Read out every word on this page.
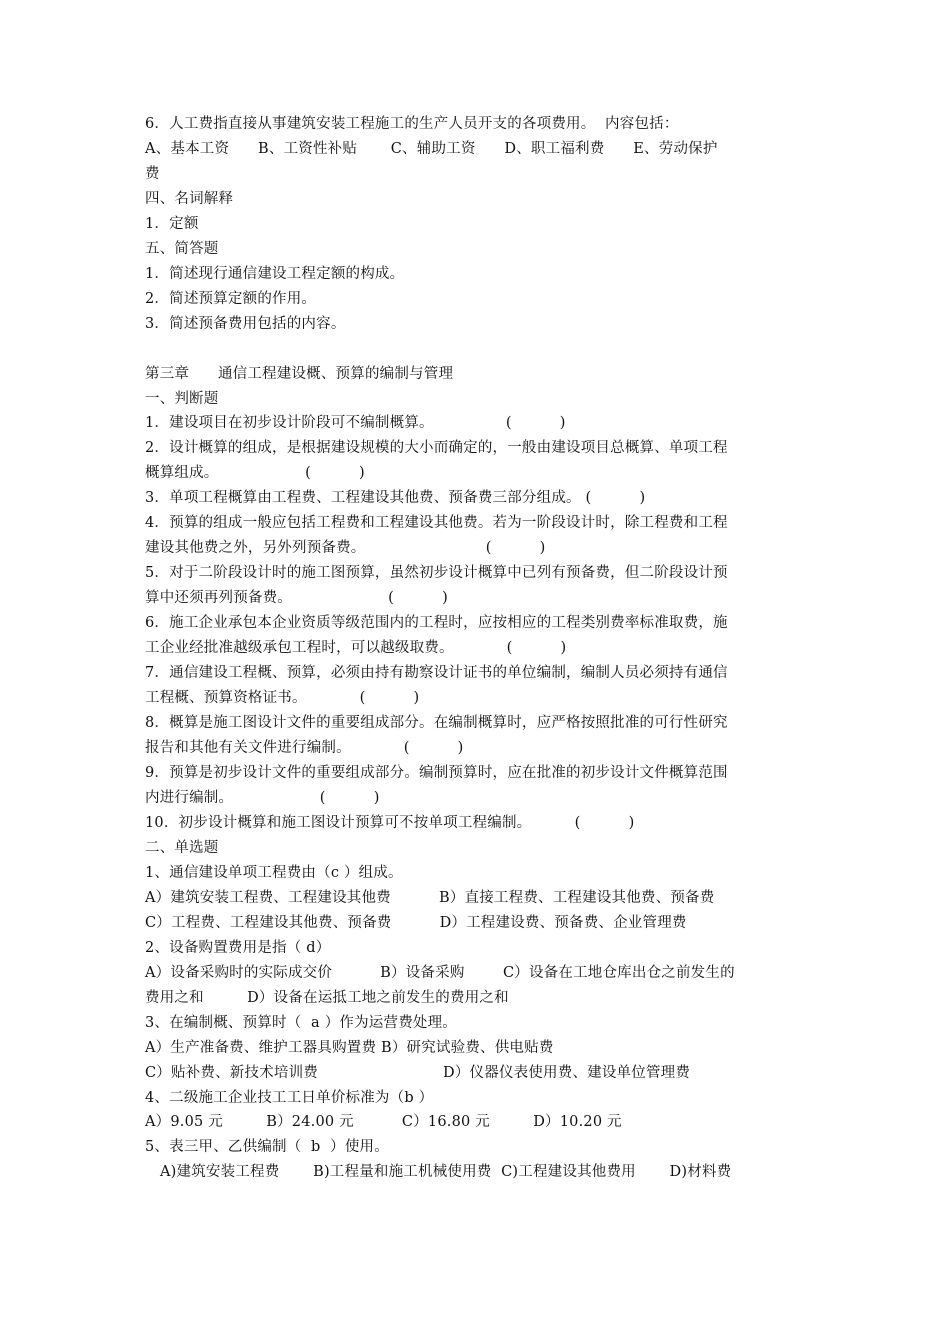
6．人工费指直接从事建筑安装工程施工的生产人员开支的各项费用。  内容包括：
A、基本工资      B、工资性补贴       C、辅助工资      D、职工福利费      E、劳动保护
费
四、名词解释
1．定额
五、简答题
1．简述现行通信建设工程定额的构成。
2．简述预算定额的作用。
3．简述预备费用包括的内容。
第三章      通信工程建设概、预算的编制与管理
一、判断题
1．建设项目在初步设计阶段可不编制概算。               (          )
2．设计概算的组成，是根据建设规模的大小而确定的，一般由建设项目总概算、单项工程
概算组成。                  (          )
3．单项工程概算由工程费、工程建设其他费、预备费三部分组成。 (          )
4．预算的组成一般应包括工程费和工程建设其他费。若为一阶段设计时，除工程费和工程
建设其他费之外，另外列预备费。                         (          )
5．对于二阶段设计时的施工图预算，虽然初步设计概算中已列有预备费，但二阶段设计预
算中还须再列预备费。                    (          )
6．施工企业承包本企业资质等级范围内的工程时，应按相应的工程类别费率标准取费，施
工企业经批准越级承包工程时，可以越级取费。           (          )
7．通信建设工程概、预算，必须由持有勘察设计证书的单位编制，编制人员必须持有通信
工程概、预算资格证书。           (          )
8．概算是施工图设计文件的重要组成部分。在编制概算时，应严格按照批准的可行性研究
报告和其他有关文件进行编制。           (          )
9．预算是初步设计文件的重要组成部分。编制预算时，应在批准的初步设计文件概算范围
内进行编制。                  (          )
10．初步设计概算和施工图设计预算可不按单项工程编制。         (          )
二、单选题
1、通信建设单项工程费由（c ）组成。
A）建筑安装工程费、工程建设其他费          B）直接工程费、工程建设其他费、预备费
C）工程费、工程建设其他费、预备费          D）工程建设费、预备费、企业管理费
2、设备购置费用是指（ d）
A）设备采购时的实际成交价          B）设备采购        C）设备在工地仓库出仓之前发生的
费用之和         D）设备在运抵工地之前发生的费用之和
3、在编制概、预算时（  a ）作为运营费处理。
A）生产准备费、维护工器具购置费 B）研究试验费、供电贴费
C）贴补费、新技术培训费                          D）仪器仪表使用费、建设单位管理费
4、二级施工企业技工工日单价标准为（b ）
A）9.05 元         B）24.00 元          C）16.80 元         D）10.20 元
5、表三甲、乙供编制（  b  ）使用。
A)建筑安装工程费       B)工程量和施工机械使用费  C)工程建设其他费用       D)材料费
